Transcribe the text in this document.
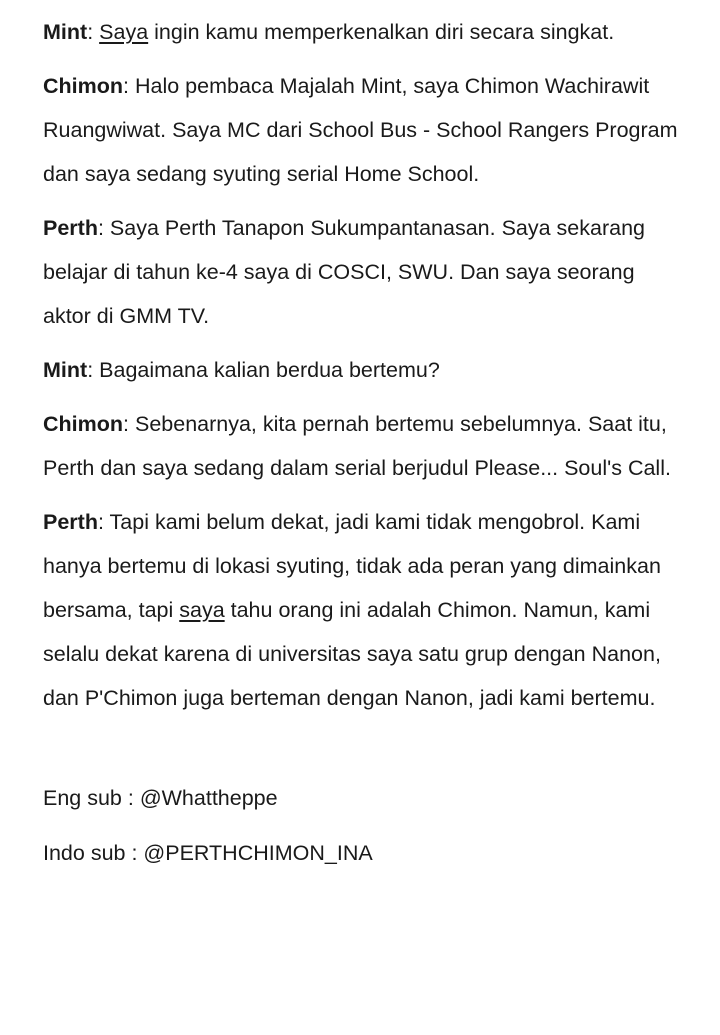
Mint: Saya ingin kamu memperkenalkan diri secara singkat.

Chimon: Halo pembaca Majalah Mint, saya Chimon Wachirawit Ruangwiwat. Saya MC dari School Bus - School Rangers Program dan saya sedang syuting serial Home School.

Perth: Saya Perth Tanapon Sukumpantanasan. Saya sekarang belajar di tahun ke-4 saya di COSCI, SWU. Dan saya seorang aktor di GMM TV.

Mint: Bagaimana kalian berdua bertemu?

Chimon: Sebenarnya, kita pernah bertemu sebelumnya. Saat itu, Perth dan saya sedang dalam serial berjudul Please... Soul's Call.

Perth: Tapi kami belum dekat, jadi kami tidak mengobrol. Kami hanya bertemu di lokasi syuting, tidak ada peran yang dimainkan bersama, tapi saya tahu orang ini adalah Chimon. Namun, kami selalu dekat karena di universitas saya satu grup dengan Nanon, dan P'Chimon juga berteman dengan Nanon, jadi kami bertemu.

Eng sub : @Whattheppe

Indo sub : @PERTHCHIMON_INA
